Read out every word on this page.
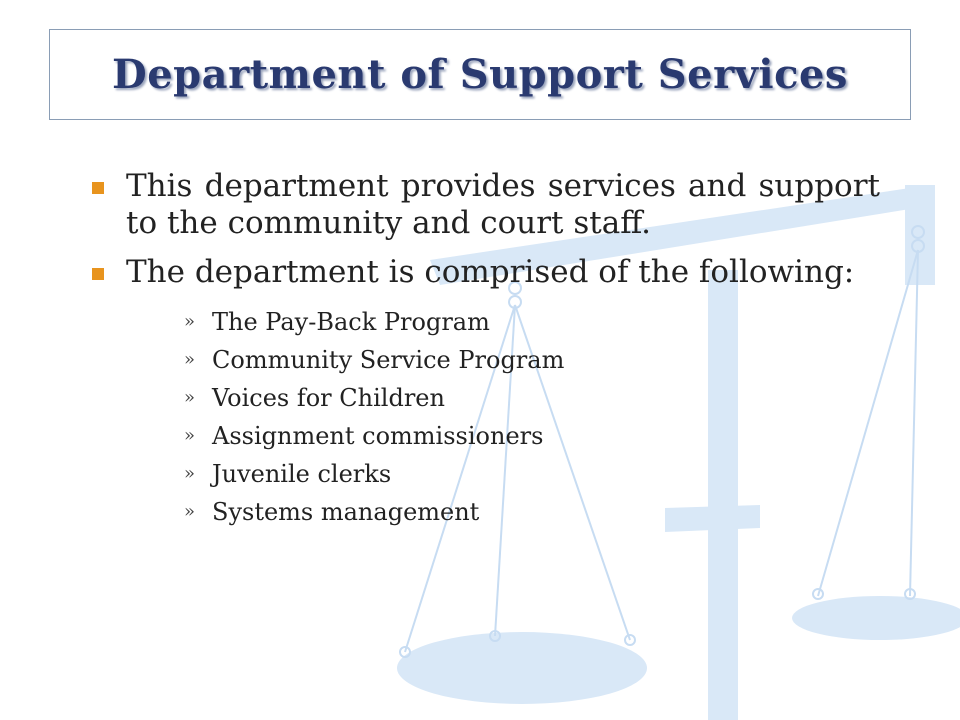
Department of Support Services
This department provides services and support to the community and court staff.
The department is comprised of the following:
» The Pay-Back Program
» Community Service Program
» Voices for Children
» Assignment commissioners
» Juvenile clerks
» Systems management
